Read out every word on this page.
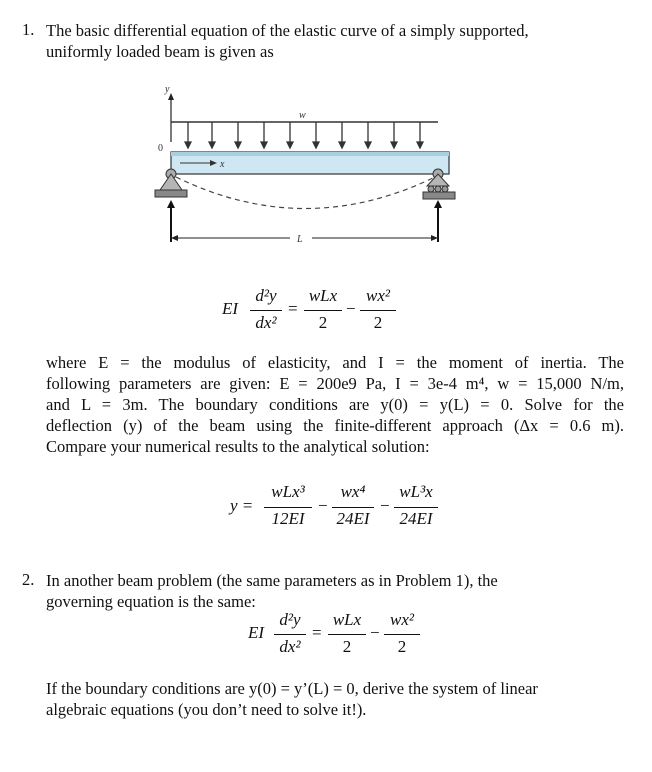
1. The basic differential equation of the elastic curve of a simply supported,
uniformly loaded beam is given as
y
0
w
x
L
EI
d²y
dx²
=
wLx
2
−
wx²
2
where E = the modulus of elasticity, and I = the moment of inertia. The
following parameters are given: E = 200e9 Pa, I = 3e-4 m⁴, w = 15,000 N/m,
and L = 3m. The boundary conditions are y(0) = y(L) = 0. Solve for the
deflection (y) of the beam using the finite-different approach (Δx = 0.6 m).
Compare your numerical results to the analytical solution:
y =
wLx³
12EI
−
wx⁴
24EI
−
wL³x
24EI
2. In another beam problem (the same parameters as in Problem 1), the
governing equation is the same:
EI
d²y
dx²
=
wLx
2
−
wx²
2
If the boundary conditions are y(0) = y’(L) = 0, derive the system of linear
algebraic equations (you don’t need to solve it!).
